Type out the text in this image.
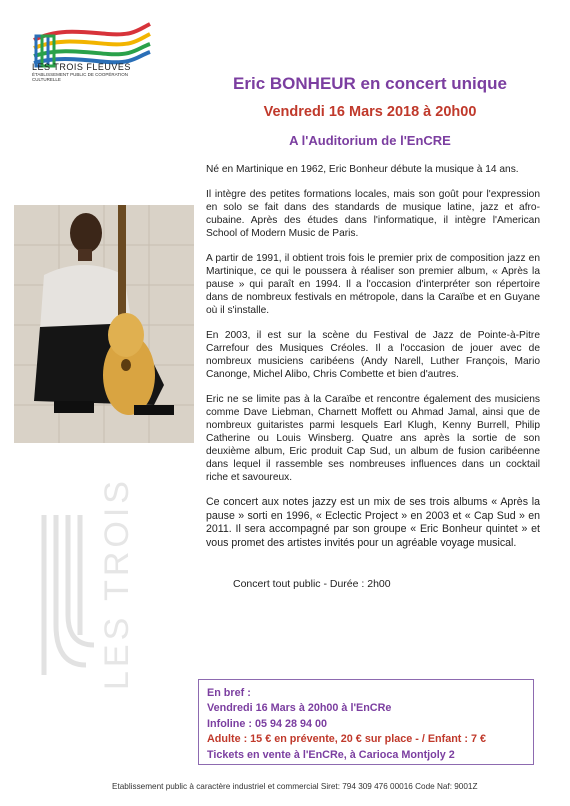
LES TROIS FLEUVES
ÉTABLISSEMENT PUBLIC DE COOPÉRATION CULTURELLE	Eric BONHEUR en concert unique
Vendredi 16 Mars 2018 à 20h00
A l'Auditorium de l'EnCRE
LES TROIS

Né en Martinique en 1962, Eric Bonheur débute la musique à 14 ans.

Il intègre des petites formations locales, mais son goût pour l'expression en solo se fait dans des standards de musique latine, jazz et afro-cubaine. Après des études dans l'informatique, il intègre l'American School of Modern Music de Paris.

A partir de 1991, il obtient trois fois le premier prix de composition jazz en Martinique, ce qui le poussera à réaliser son premier album, « Après la pause » qui paraît en 1994. Il a l'occasion d'interpréter son répertoire dans de nombreux festivals en métropole, dans la Caraïbe et en Guyane où il s'installe.

En 2003, il est sur la scène du Festival de Jazz de Pointe-à-Pitre Carrefour des Musiques Créoles. Il a l'occasion de jouer avec de nombreux musiciens caribéens (Andy Narell, Luther François, Mario Canonge, Michel Alibo, Chris Combette et bien d'autres.

Eric ne se limite pas à la Caraïbe et rencontre également des musiciens comme Dave Liebman, Charnett Moffett ou Ahmad Jamal, ainsi que de nombreux guitaristes parmi lesquels Earl Klugh, Kenny Burrell, Philip Catherine ou Louis Winsberg. Quatre ans après la sortie de son deuxième album, Eric produit Cap Sud, un album de fusion caribéenne dans lequel il rassemble ses nombreuses influences dans un cocktail riche et savoureux.

Ce concert aux notes jazzy est un mix de ses trois albums « Après la pause » sorti en 1996, « Eclectic Project » en 2003 et « Cap Sud » en 2011. Il sera accompagné par son groupe « Eric Bonheur quintet » et vous promet des artistes invités pour un agréable voyage musical.

Concert tout public - Durée : 2h00
En bref :
Vendredi 16 Mars à 20h00 à l'EnCRe
Infoline : 05 94 28 94 00
Adulte : 15 € en prévente, 20 € sur place - / Enfant : 7 €
Tickets en vente à l'EnCRe, à Carioca Montjoly 2
Etablissement public à caractère industriel et commercial Siret: 794 309 476 00016 Code Naf: 9001Z
